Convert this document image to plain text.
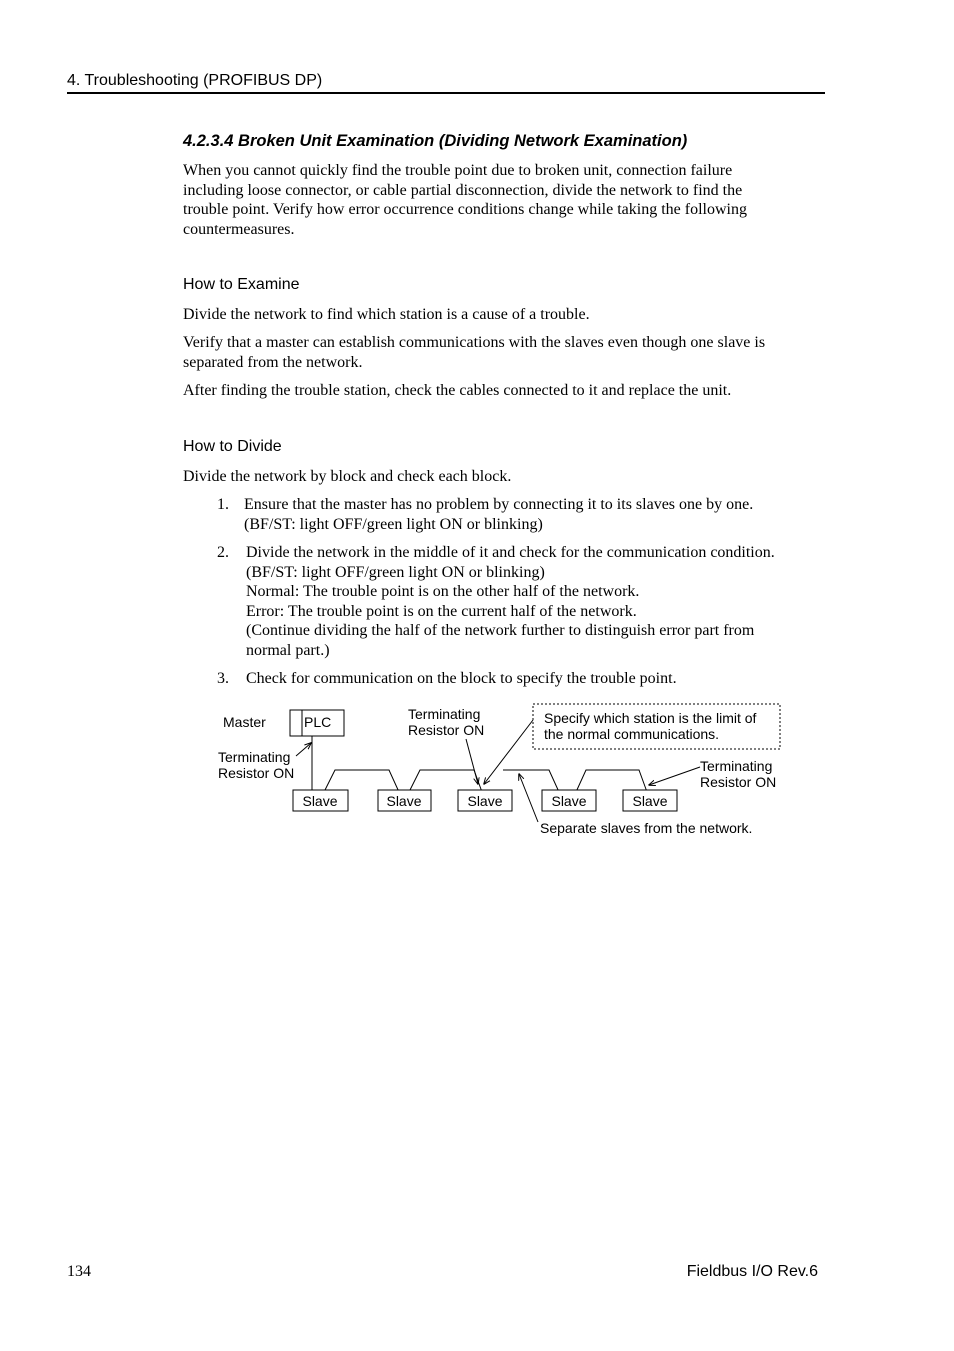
4. Troubleshooting (PROFIBUS DP)
4.2.3.4 Broken Unit Examination (Dividing Network Examination)
When you cannot quickly find the trouble point due to broken unit, connection failure
including loose connector, or cable partial disconnection, divide the network to find the
trouble point. Verify how error occurrence conditions change while taking the following
countermeasures.
How to Examine
Divide the network to find which station is a cause of a trouble.
Verify that a master can establish communications with the slaves even though one slave is
separated from the network.
After finding the trouble station, check the cables connected to it and replace the unit.
How to Divide
Divide the network by block and check each block.
1. Ensure that the master has no problem by connecting it to its slaves one by one.
(BF/ST: light OFF/green light ON or blinking)
2. Divide the network in the middle of it and check for the communication condition.
(BF/ST: light OFF/green light ON or blinking)
Normal: The trouble point is on the other half of the network.
Error: The trouble point is on the current half of the network.
(Continue dividing the half of the network further to distinguish error part from
normal part.)
3. Check for communication on the block to specify the trouble point.
Master	PLC
Terminating
Resistor ON
Terminating
Resistor ON
Specify which station is the limit of
the normal communications.
Slave	Slave	Slave	Slave	Slave
Terminating
Resistor ON
Separate slaves from the network.
134	Fieldbus I/O Rev.6
